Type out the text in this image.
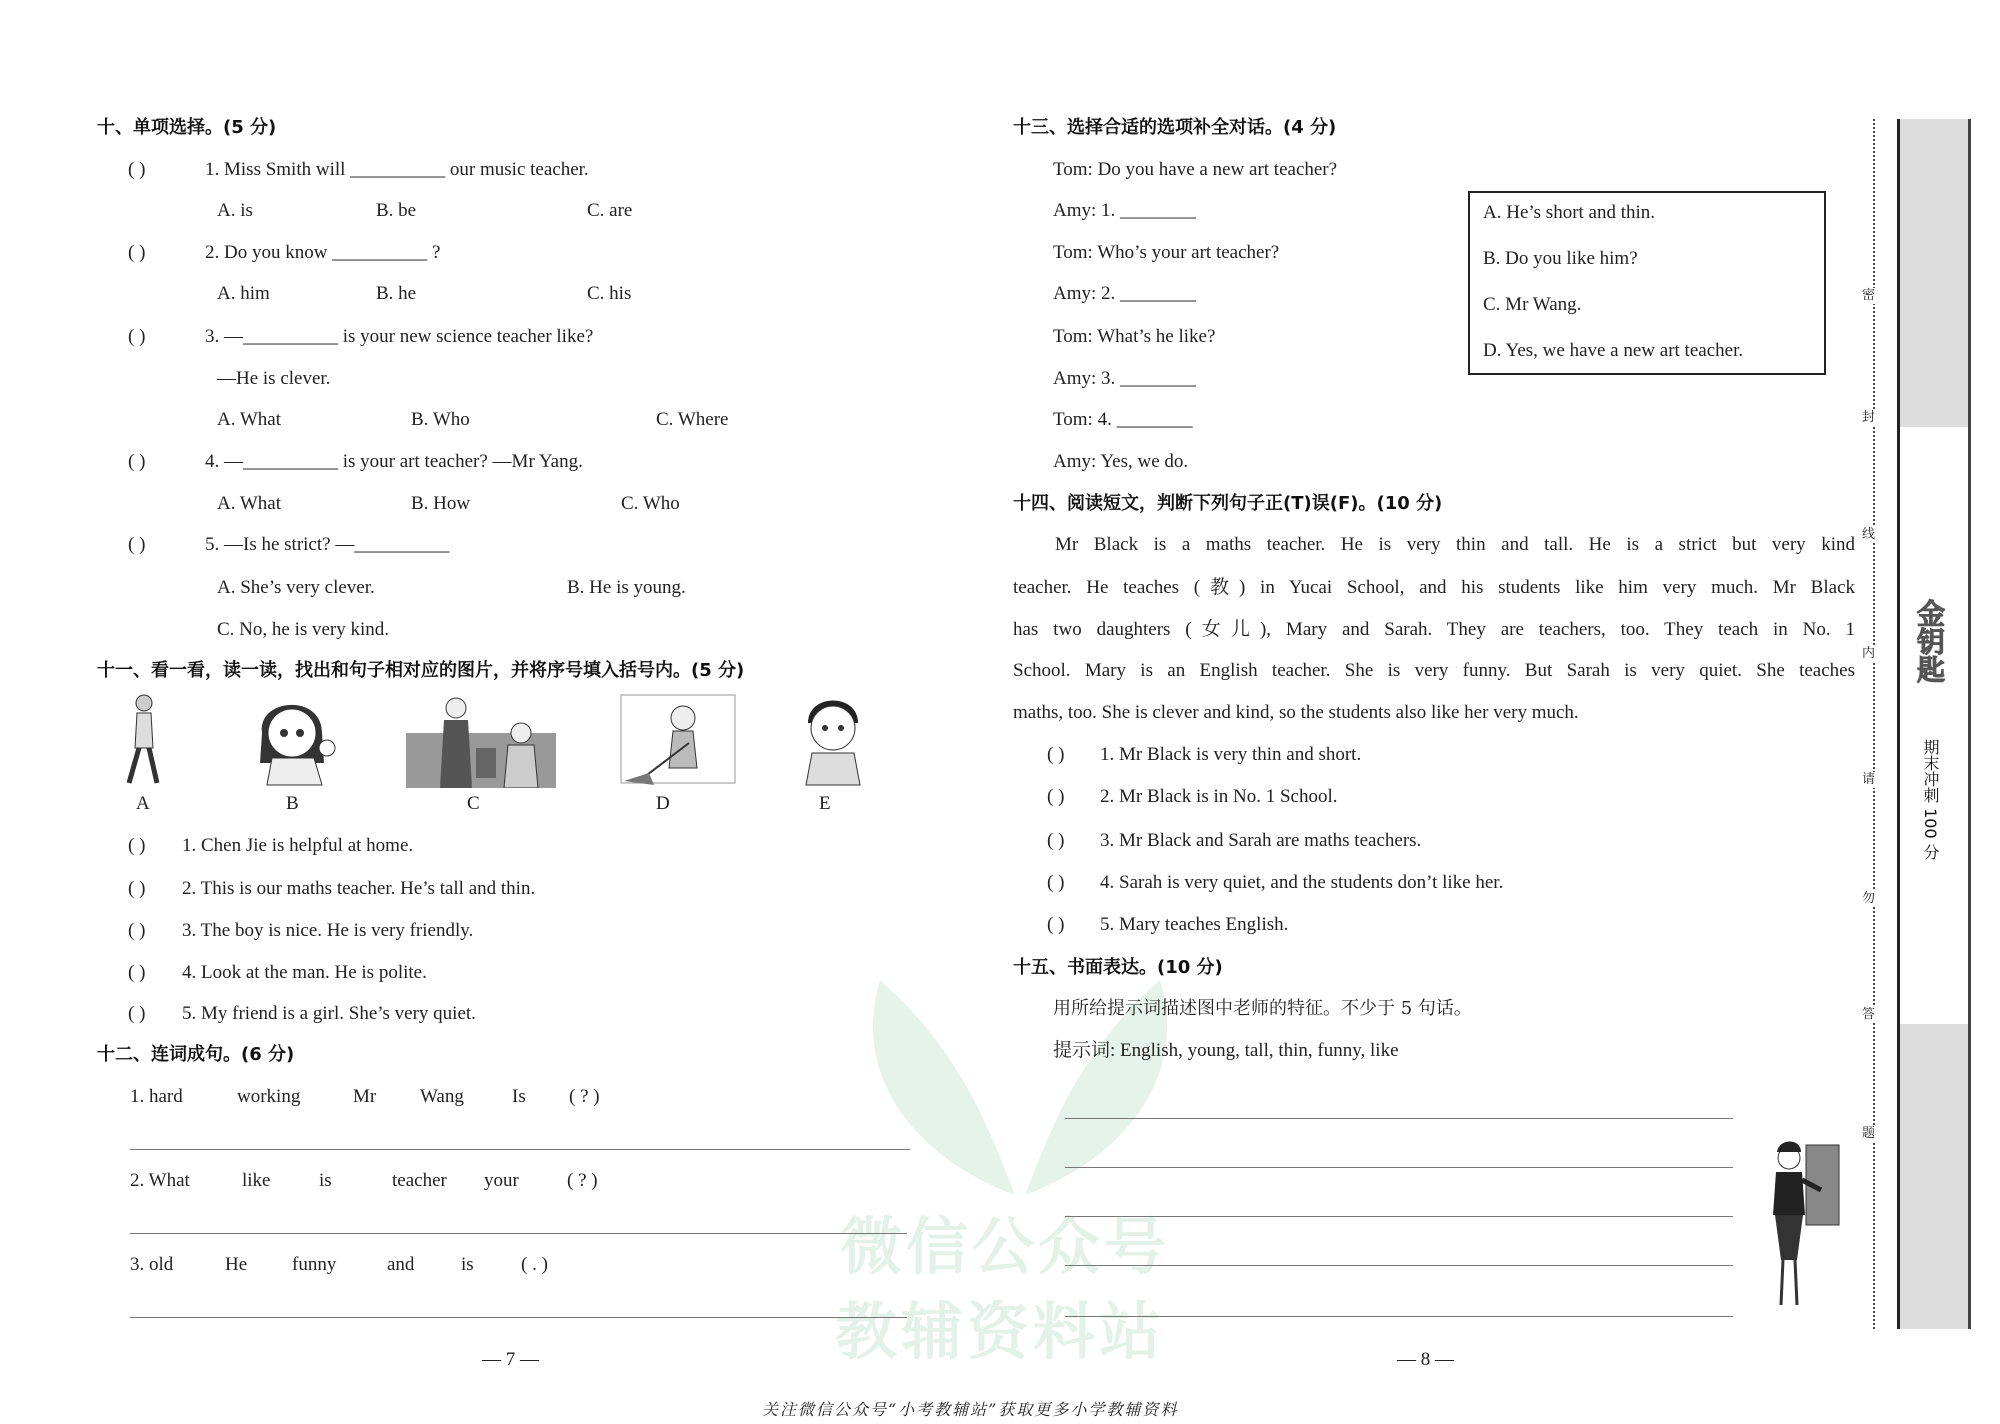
微信公众号
教辅资料站
十、单项选择。(5 分)
( )	1. Miss Smith will __________ our music teacher.
A. is	B. be	C. are
( )	2. Do you know __________ ?
A. him	B. he	C. his
( )	3. —__________ is your new science teacher like?
—He is clever.
A. What	B. Who	C. Where
( )	4. —__________ is your art teacher? —Mr Yang.
A. What	B. How	C. Who
( )	5. —Is he strict? —__________
A. She’s very clever.	B. He is young.
C. No, he is very kind.
十一、看一看，读一读，找出和句子相对应的图片，并将序号填入括号内。(5 分)
A	B	C	D	E
( ) 1. Chen Jie is helpful at home.
( ) 2. This is our maths teacher. He’s tall and thin.
( ) 3. The boy is nice. He is very friendly.
( ) 4. Look at the man. He is polite.
( ) 5. My friend is a girl. She’s very quiet.
十二、连词成句。(6 分)
1. hard	working	Mr Wang	Is ( ? )
2. What	like	is	teacher your	( ? )
3. old	He funny	and is ( . )
— 7 —
十三、选择合适的选项补全对话。(4 分)
Tom: Do you have a new art teacher?
Amy: 1. ________
Tom: Who’s your art teacher?
Amy: 2. ________
Tom: What’s he like?
Amy: 3. ________
Tom: 4. ________
Amy: Yes, we do.
A. He’s short and thin.
B. Do you like him?
C. Mr Wang.
D. Yes, we have a new art teacher.
十四、阅读短文，判断下列句子正(T)误(F)。(10 分)
Mr Black is a maths teacher. He is very thin and tall. He is a strict but very kind
teacher. He teaches (教) in Yucai School, and his students like him very much. Mr Black
has two daughters (女儿), Mary and Sarah. They are teachers, too. They teach in No. 1
School. Mary is an English teacher. She is very funny. But Sarah is very quiet. She teaches
maths, too. She is clever and kind, so the students also like her very much.
( ) 1. Mr Black is very thin and short.
( ) 2. Mr Black is in No. 1 School.
( ) 3. Mr Black and Sarah are maths teachers.
( ) 4. Sarah is very quiet, and the students don’t like her.
( ) 5. Mary teaches English.
十五、书面表达。(10 分)
用所给提示词描述图中老师的特征。不少于 5 句话。
提示词: English, young, tall, thin, funny, like
— 8 —
密
封
线
内
请
勿
答
题
金钥匙
期末冲刺 100 分
关注微信公众号“小考教辅站”获取更多小学教辅资料
